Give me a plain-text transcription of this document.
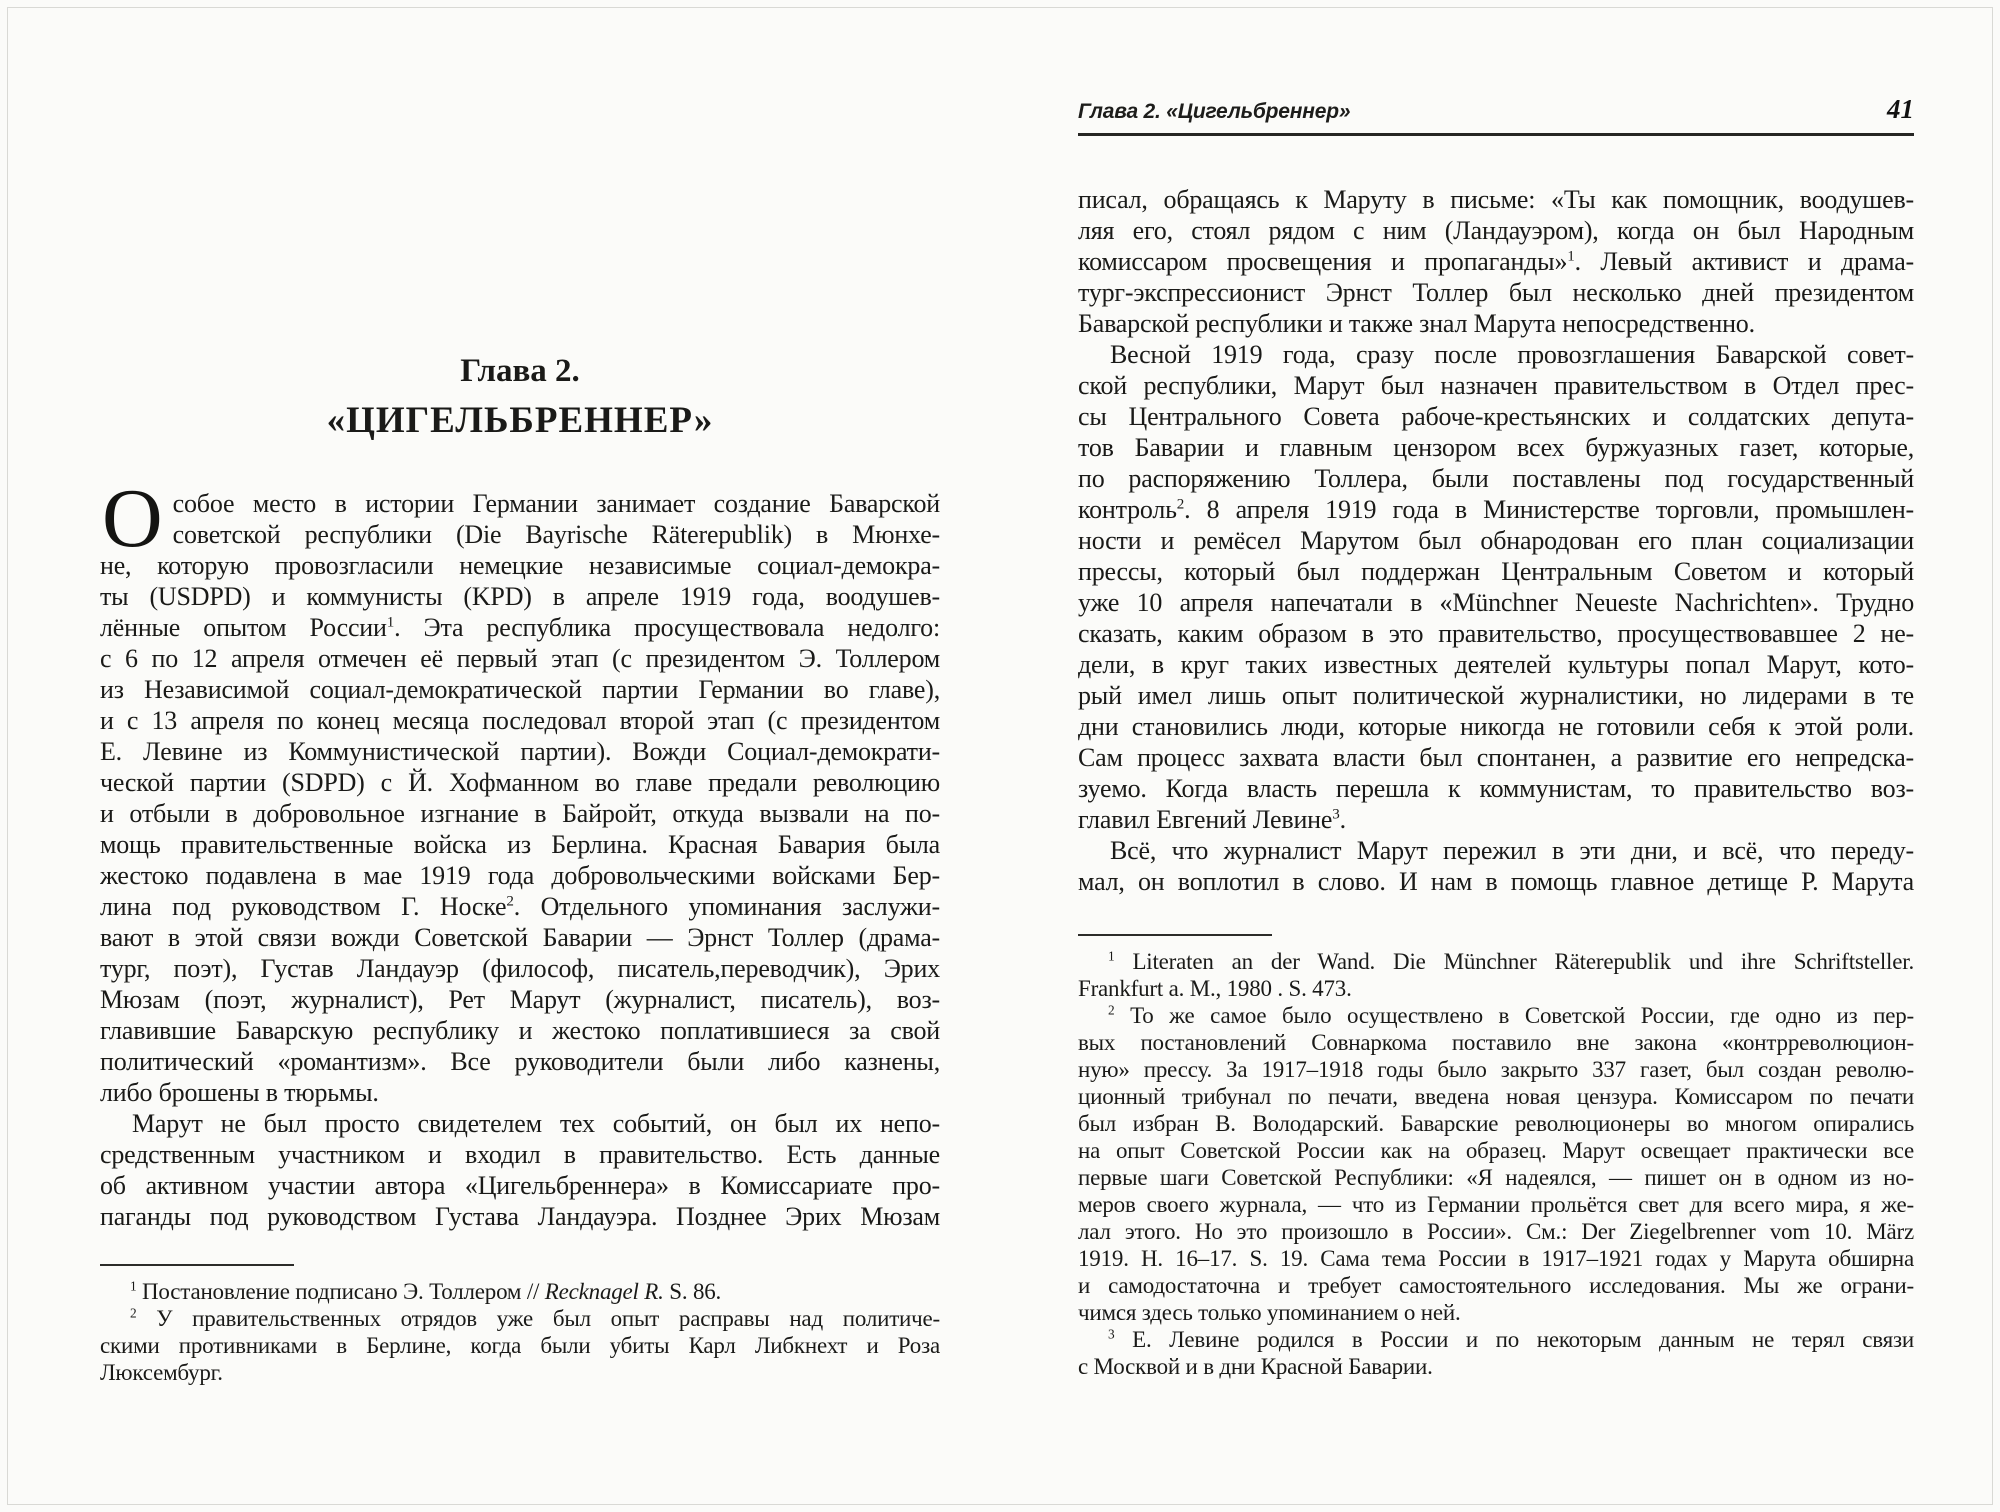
Глава 2.
«ЦИГЕЛЬБРЕННЕР»
О собое место в истории Германии занимает создание Баварской
советской республики (Die Bayrische Räterepublik) в Мюнхе-
не, которую провозгласили немецкие независимые социал-демокра-
ты (USDPD) и коммунисты (KPD) в апреле 1919 года, воодушев-
лённые опытом России$^1$. Эта республика просуществовала недолго:
с 6 по 12 апреля отмечен её первый этап (с президентом Э. Толлером
из Независимой социал-демократической партии Германии во главе),
и с 13 апреля по конец месяца последовал второй этап (с президентом
Е. Левине из Коммунистической партии). Вожди Социал-демократи-
ческой партии (SDPD) с Й. Хофманном во главе предали революцию
и отбыли в добровольное изгнание в Байройт, откуда вызвали на по-
мощь правительственные войска из Берлина. Красная Бавария была
жестоко подавлена в мае 1919 года добровольческими войсками Бер-
лина под руководством Г. Носке$^2$. Отдельного упоминания заслужи-
вают в этой связи вожди Советской Баварии — Эрнст Толлер (драма-
тург, поэт), Густав Ландауэр (философ, писатель,переводчик), Эрих
Мюзам (поэт, журналист), Рет Марут (журналист, писатель), воз-
главившие Баварскую республику и жестоко поплатившиеся за свой
политический «романтизм». Все руководители были либо казнены,
либо брошены в тюрьмы.
Марут не был просто свидетелем тех событий, он был их непо-
средственным участником и входил в правительство. Есть данные
об активном участии автора «Цигельбреннера» в Комиссариате про-
паганды под руководством Густава Ландауэра. Позднее Эрих Мюзам
$^1$ Постановление подписано Э. Толлером // Recknagel R. S. 86.
$^2$ У правительственных отрядов уже был опыт расправы над политиче-
скими противниками в Берлине, когда были убиты Карл Либкнехт и Роза
Люксембург.
Глава 2. «Цигельбреннер»	41
писал, обращаясь к Маруту в письме: «Ты как помощник, воодушев-
ляя его, стоял рядом с ним (Ландауэром), когда он был Народным
комиссаром просвещения и пропаганды»$^1$. Левый активист и драма-
тург-экспрессионист Эрнст Толлер был несколько дней президентом
Баварской республики и также знал Марута непосредственно.
Весной 1919 года, сразу после провозглашения Баварской совет-
ской республики, Марут был назначен правительством в Отдел прес-
сы Центрального Совета рабоче-крестьянских и солдатских депута-
тов Баварии и главным цензором всех буржуазных газет, которые,
по распоряжению Толлера, были поставлены под государственный
контроль$^2$. 8 апреля 1919 года в Министерстве торговли, промышлен-
ности и ремёсел Марутом был обнародован его план социализации
прессы, который был поддержан Центральным Советом и который
уже 10 апреля напечатали в «Münchner Neueste Nachrichten». Трудно
сказать, каким образом в это правительство, просуществовавшее 2 не-
дели, в круг таких известных деятелей культуры попал Марут, кото-
рый имел лишь опыт политической журналистики, но лидерами в те
дни становились люди, которые никогда не готовили себя к этой роли.
Сам процесс захвата власти был спонтанен, а развитие его непредска-
зуемо. Когда власть перешла к коммунистам, то правительство воз-
главил Евгений Левине$^3$.
Всё, что журналист Марут пережил в эти дни, и всё, что переду-
мал, он воплотил в слово. И нам в помощь главное детище Р. Марута
$^1$ Literaten an der Wand. Die Münchner Räterepublik und ihre Schriftsteller.
Frankfurt a. M., 1980 . S. 473.
$^2$ То же самое было осуществлено в Советской России, где одно из пер-
вых постановлений Совнаркома поставило вне закона «контрреволюцион-
ную» прессу. За 1917–1918 годы было закрыто 337 газет, был создан револю-
ционный трибунал по печати, введена новая цензура. Комиссаром по печати
был избран В. Володарский. Баварские революционеры во многом опирались
на опыт Советской России как на образец. Марут освещает практически все
первые шаги Советской Республики: «Я надеялся, — пишет он в одном из но-
меров своего журнала, — что из Германии прольётся свет для всего мира, я же-
лал этого. Но это произошло в России». См.: Der Ziegelbrenner vom 10. März
1919. H. 16–17. S. 19. Сама тема России в 1917–1921 годах у Марута обширна
и самодостаточна и требует самостоятельного исследования. Мы же ограни-
чимся здесь только упоминанием о ней.
$^3$ Е. Левине родился в России и по некоторым данным не терял связи
с Москвой и в дни Красной Баварии.
